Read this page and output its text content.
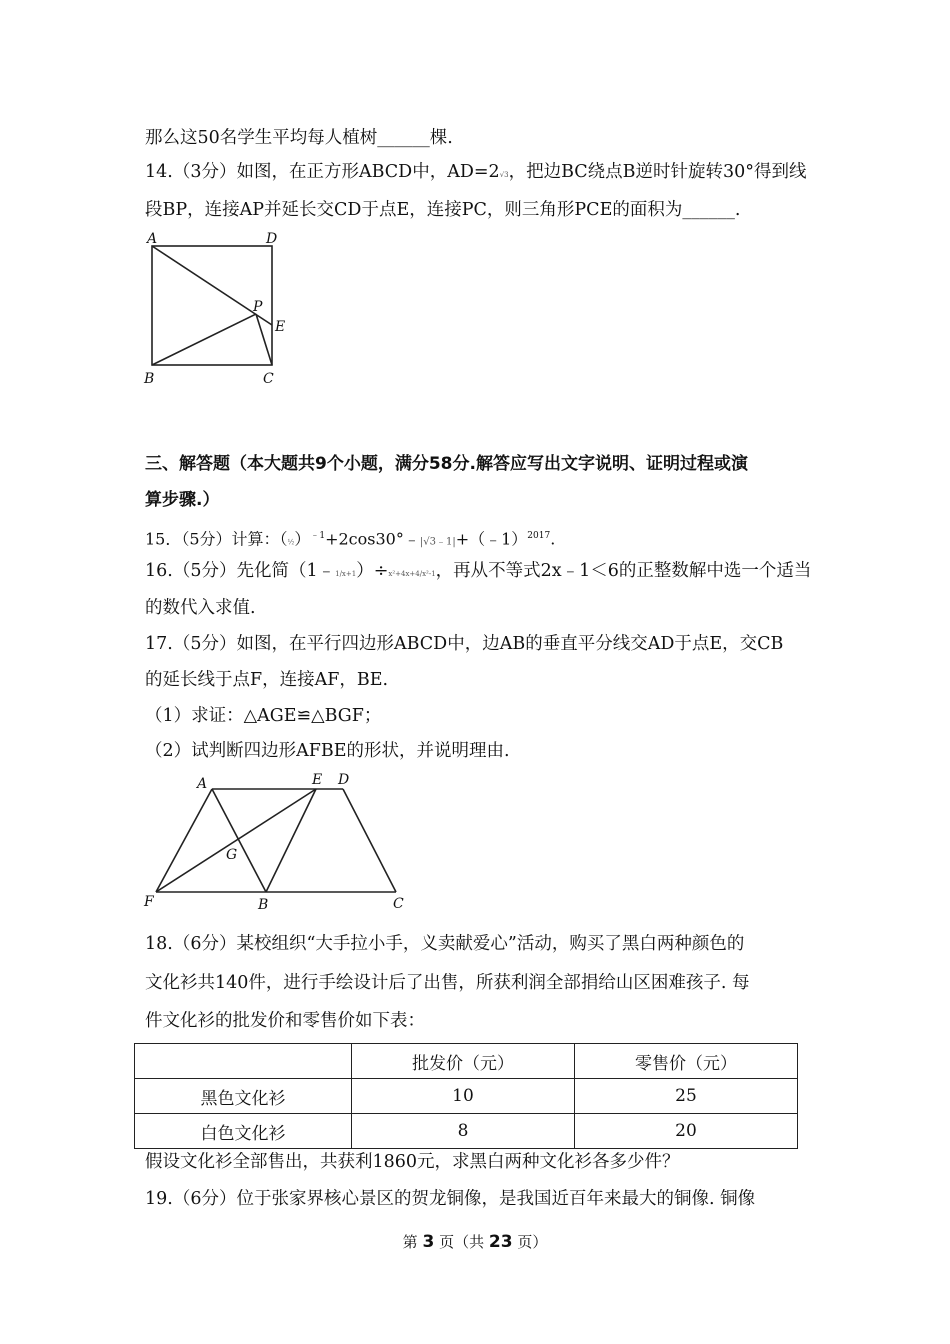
那么这50名学生平均每人植树______棵.
14.（3分）如图，在正方形ABCD中，AD=2√3，把边BC绕点B逆时针旋转30°得到线
段BP，连接AP并延长交CD于点E，连接PC，则三角形PCE的面积为______.
A	D
P
E
B	C
三、解答题（本大题共9个小题，满分58分.解答应写出文字说明、证明过程或演
算步骤.）
15．（5分）计算：（½）$^{﹣1}$+2cos30°﹣|√3﹣1|+（﹣1）$^{2017}$.
16.（5分）先化简（1﹣1/x+1）÷x²+4x+4/x²-1，再从不等式2x﹣1＜6的正整数解中选一个适当
的数代入求值.
17.（5分）如图，在平行四边形ABCD中，边AB的垂直平分线交AD于点E，交CB
的延长线于点F，连接AF，BE.
（1）求证：△AGE≌△BGF；
（2）试判断四边形AFBE的形状，并说明理由.
A	E D
G
F	B	C
18.（6分）某校组织“大手拉小手，义卖献爱心”活动，购买了黑白两种颜色的
文化衫共140件，进行手绘设计后了出售，所获利润全部捐给山区困难孩子. 每
件文化衫的批发价和零售价如下表：
	批发价（元）	零售价（元）
黑色文化衫	10	25
白色文化衫	8	20
假设文化衫全部售出，共获利1860元，求黑白两种文化衫各多少件？
19.（6分）位于张家界核心景区的贺龙铜像，是我国近百年来最大的铜像. 铜像
第 3 页（共 23 页）
